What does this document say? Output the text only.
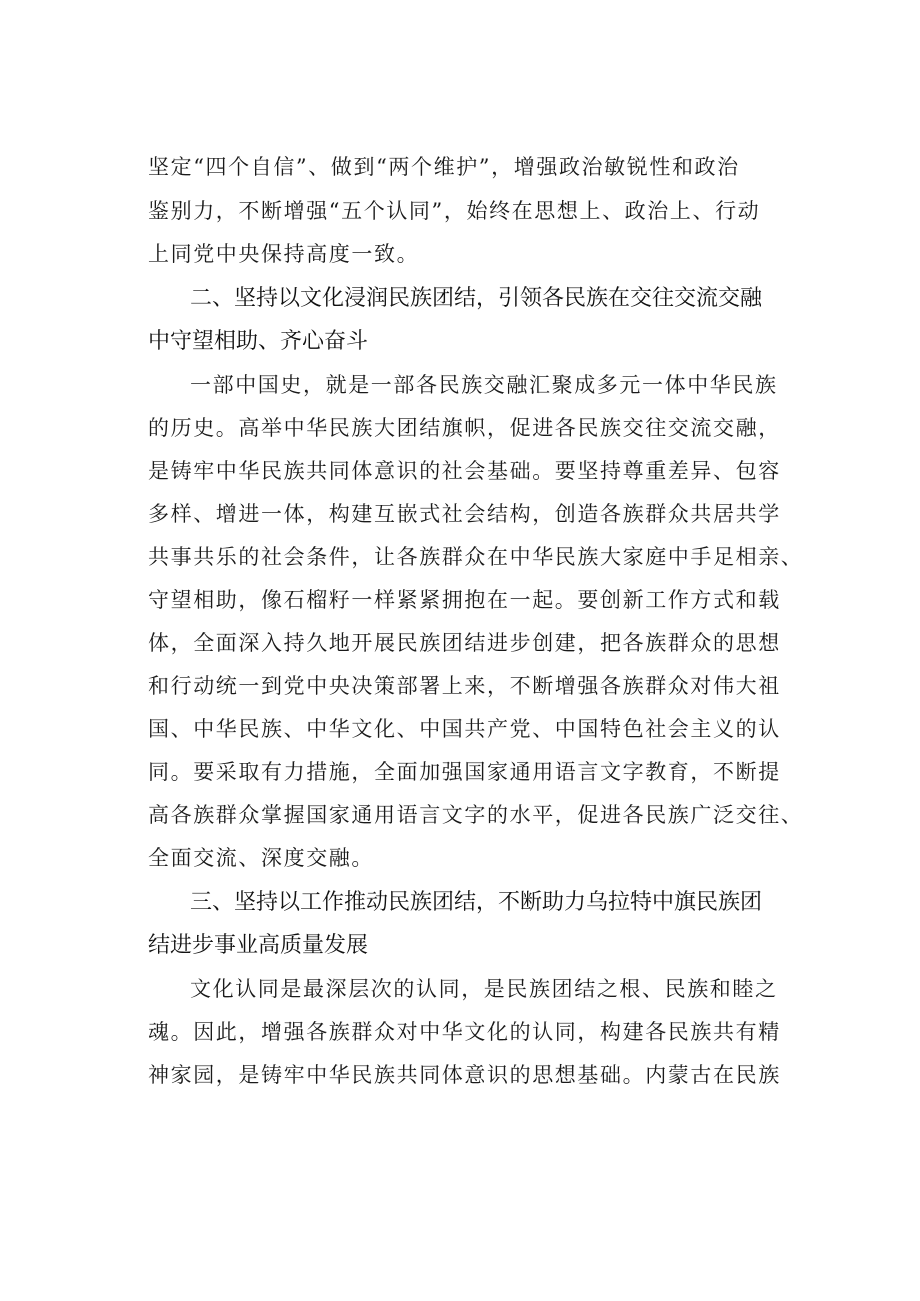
坚定“四个自信”、做到“两个维护”，增强政治敏锐性和政治
鉴别力，不断增强“五个认同”，始终在思想上、政治上、行动
上同党中央保持高度一致。
二、坚持以文化浸润民族团结，引领各民族在交往交流交融
中守望相助、齐心奋斗
一部中国史，就是一部各民族交融汇聚成多元一体中华民族
的历史。高举中华民族大团结旗帜，促进各民族交往交流交融，
是铸牢中华民族共同体意识的社会基础。要坚持尊重差异、包容
多样、增进一体，构建互嵌式社会结构，创造各族群众共居共学
共事共乐的社会条件，让各族群众在中华民族大家庭中手足相亲、
守望相助，像石榴籽一样紧紧拥抱在一起。要创新工作方式和载
体，全面深入持久地开展民族团结进步创建，把各族群众的思想
和行动统一到党中央决策部署上来，不断增强各族群众对伟大祖
国、中华民族、中华文化、中国共产党、中国特色社会主义的认
同。要采取有力措施，全面加强国家通用语言文字教育，不断提
高各族群众掌握国家通用语言文字的水平，促进各民族广泛交往、
全面交流、深度交融。
三、坚持以工作推动民族团结，不断助力乌拉特中旗民族团
结进步事业高质量发展
文化认同是最深层次的认同，是民族团结之根、民族和睦之
魂。因此，增强各族群众对中华文化的认同，构建各民族共有精
神家园，是铸牢中华民族共同体意识的思想基础。内蒙古在民族
